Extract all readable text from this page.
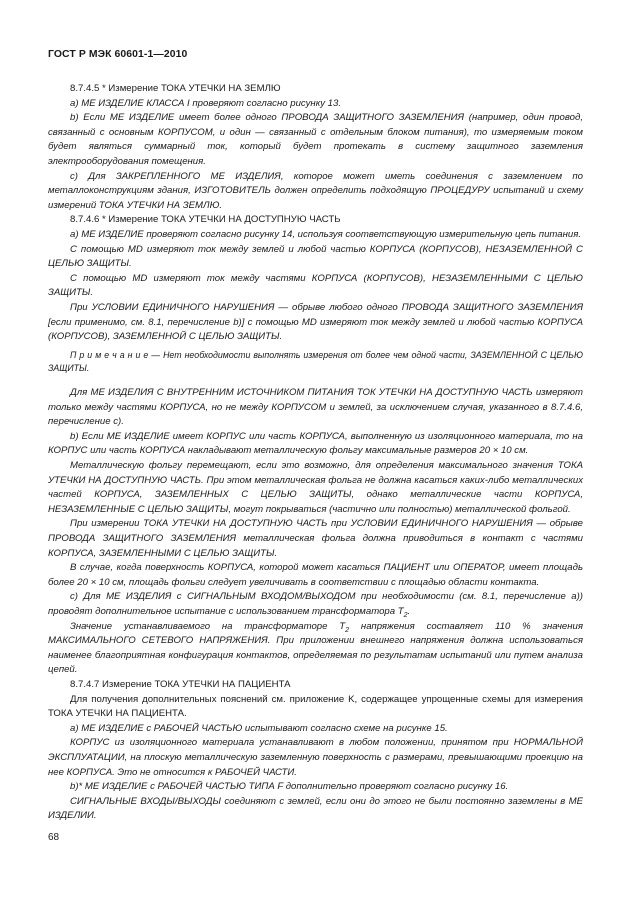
ГОСТ Р МЭК 60601-1—2010

8.7.4.5 * Измерение ТОКА УТЕЧКИ НА ЗЕМЛЮ

a) МЕ ИЗДЕЛИЕ КЛАССА I проверяют согласно рисунку 13.

b) Если МЕ ИЗДЕЛИЕ имеет более одного ПРОВОДА ЗАЩИТНОГО ЗАЗЕМЛЕНИЯ (например, один провод, связанный с основным КОРПУСОМ, и один — связанный с отдельным блоком питания), то измеряемым током будет являться суммарный ток, который будет протекать в систему защитного заземления электрооборудования помещения.

c) Для ЗАКРЕПЛЕННОГО МЕ ИЗДЕЛИЯ, которое может иметь соединения с заземлением по металлоконструкциям здания, ИЗГОТОВИТЕЛЬ должен определить подходящую ПРОЦЕДУРУ испытаний и схему измерений ТОКА УТЕЧКИ НА ЗЕМЛЮ.

8.7.4.6 * Измерение ТОКА УТЕЧКИ НА ДОСТУПНУЮ ЧАСТЬ

a) МЕ ИЗДЕЛИЕ проверяют согласно рисунку 14, используя соответствующую измерительную цепь питания.

С помощью MD измеряют ток между землей и любой частью КОРПУСА (КОРПУСОВ), НЕЗАЗЕМЛЕННОЙ С ЦЕЛЬЮ ЗАЩИТЫ.

С помощью MD измеряют ток между частями КОРПУСА (КОРПУСОВ), НЕЗАЗЕМЛЕННЫМИ С ЦЕЛЬЮ ЗАЩИТЫ.

При УСЛОВИИ ЕДИНИЧНОГО НАРУШЕНИЯ — обрыве любого одного ПРОВОДА ЗАЩИТНОГО ЗАЗЕМЛЕНИЯ [если применимо, см. 8.1, перечисление b)] с помощью MD измеряют ток между землей и любой частью КОРПУСА (КОРПУСОВ), ЗАЗЕМЛЕННОЙ С ЦЕЛЬЮ ЗАЩИТЫ.

П р и м е ч а н и е — Нет необходимости выполнять измерения от более чем одной части, ЗАЗЕМЛЕННОЙ С ЦЕЛЬЮ ЗАЩИТЫ.

Для МЕ ИЗДЕЛИЯ С ВНУТРЕННИМ ИСТОЧНИКОМ ПИТАНИЯ ТОК УТЕЧКИ НА ДОСТУПНУЮ ЧАСТЬ измеряют только между частями КОРПУСА, но не между КОРПУСОМ и землей, за исключением случая, указанного в 8.7.4.6, перечисление c).

b) Если МЕ ИЗДЕЛИЕ имеет КОРПУС или часть КОРПУСА, выполненную из изоляционного материала, то на КОРПУС или часть КОРПУСА накладывают металлическую фольгу максимальные размеров 20 × 10 см.

Металлическую фольгу перемещают, если это возможно, для определения максимального значения ТОКА УТЕЧКИ НА ДОСТУПНУЮ ЧАСТЬ. При этом металлическая фольга не должна касаться каких-либо металлических частей КОРПУСА, ЗАЗЕМЛЕННЫХ С ЦЕЛЬЮ ЗАЩИТЫ, однако металлические части КОРПУСА, НЕЗАЗЕМЛЕННЫЕ С ЦЕЛЬЮ ЗАЩИТЫ, могут покрываться (частично или полностью) металлической фольгой.

При измерении ТОКА УТЕЧКИ НА ДОСТУПНУЮ ЧАСТЬ при УСЛОВИИ ЕДИНИЧНОГО НАРУШЕНИЯ — обрыве ПРОВОДА ЗАЩИТНОГО ЗАЗЕМЛЕНИЯ металлическая фольга должна приводиться в контакт с частями КОРПУСА, ЗАЗЕМЛЕННЫМИ С ЦЕЛЬЮ ЗАЩИТЫ.

В случае, когда поверхность КОРПУСА, которой может касаться ПАЦИЕНТ или ОПЕРАТОР, имеет площадь более 20 × 10 см, площадь фольги следует увеличивать в соответствии с площадью области контакта.

c) Для МЕ ИЗДЕЛИЯ с СИГНАЛЬНЫМ ВХОДОМ/ВЫХОДОМ при необходимости (см. 8.1, перечисление a)) проводят дополнительное испытание с использованием трансформатора $Т_2$.

Значение устанавливаемого на трансформаторе $Т_2$ напряжения составляет 110 % значения МАКСИМАЛЬНОГО СЕТЕВОГО НАПРЯЖЕНИЯ. При приложении внешнего напряжения должна использоваться наименее благоприятная конфигурация контактов, определяемая по результатам испытаний или путем анализа цепей.

8.7.4.7 Измерение ТОКА УТЕЧКИ НА ПАЦИЕНТА

Для получения дополнительных пояснений см. приложение K, содержащее упрощенные схемы для измерения ТОКА УТЕЧКИ НА ПАЦИЕНТА.

a) МЕ ИЗДЕЛИЕ с РАБОЧЕЙ ЧАСТЬЮ испытывают согласно схеме на рисунке 15.

КОРПУС из изоляционного материала устанавливают в любом положении, принятом при НОРМАЛЬНОЙ ЭКСПЛУАТАЦИИ, на плоскую металлическую заземленную поверхность с размерами, превышающими проекцию на нее КОРПУСА. Это не относится к РАБОЧЕЙ ЧАСТИ.

b)* МЕ ИЗДЕЛИЕ с РАБОЧЕЙ ЧАСТЬЮ ТИПА F дополнительно проверяют согласно рисунку 16.

СИГНАЛЬНЫЕ ВХОДЫ/ВЫХОДЫ соединяют с землей, если они до этого не были постоянно заземлены в МЕ ИЗДЕЛИИ.

68
